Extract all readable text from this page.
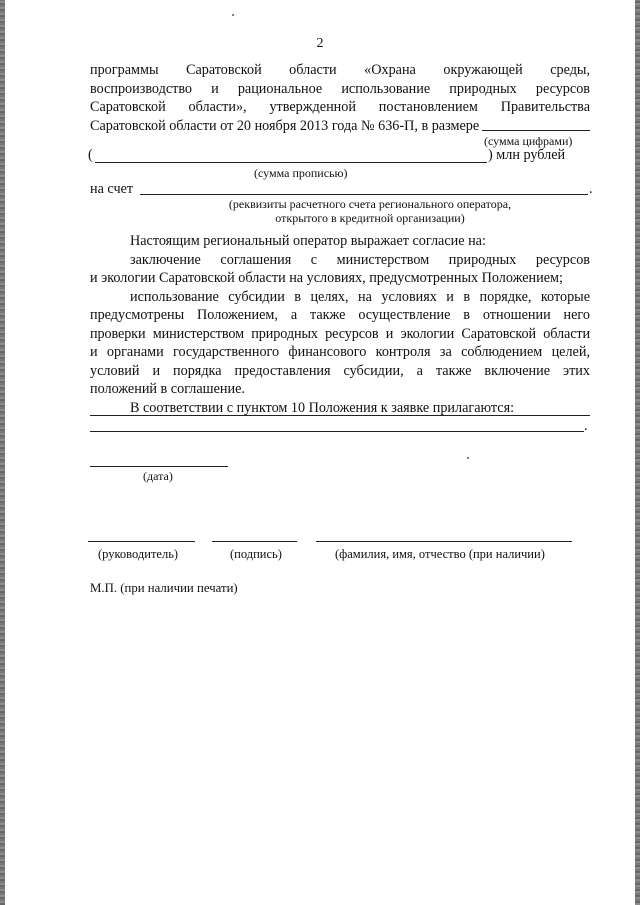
2
программы Саратовской области «Охрана окружающей среды,
воспроизводство и рациональное использование природных ресурсов
Саратовской области», утвержденной постановлением Правительства
Саратовской области от 20 ноября 2013 года № 636-П, в размере
(сумма цифрами)
(	) млн рублей
(сумма прописью)
на счет	.
(реквизиты расчетного счета регионального оператора,
открытого в кредитной организации)
Настоящим региональный оператор выражает согласие на:
заключение соглашения с министерством природных ресурсов
и экологии Саратовской области на условиях, предусмотренных Положением;
использование субсидии в целях, на условиях и в порядке, которые
предусмотрены Положением, а также осуществление в отношении него
проверки министерством природных ресурсов и экологии Саратовской области
и органами государственного финансового контроля за соблюдением целей,
условий и порядка предоставления субсидии, а также включение этих
положений в соглашение.
В соответствии с пунктом 10 Положения к заявке прилагаются:
.
(дата)
(руководитель)	(подпись)	(фамилия, имя, отчество (при наличии)
М.П. (при наличии печати)
